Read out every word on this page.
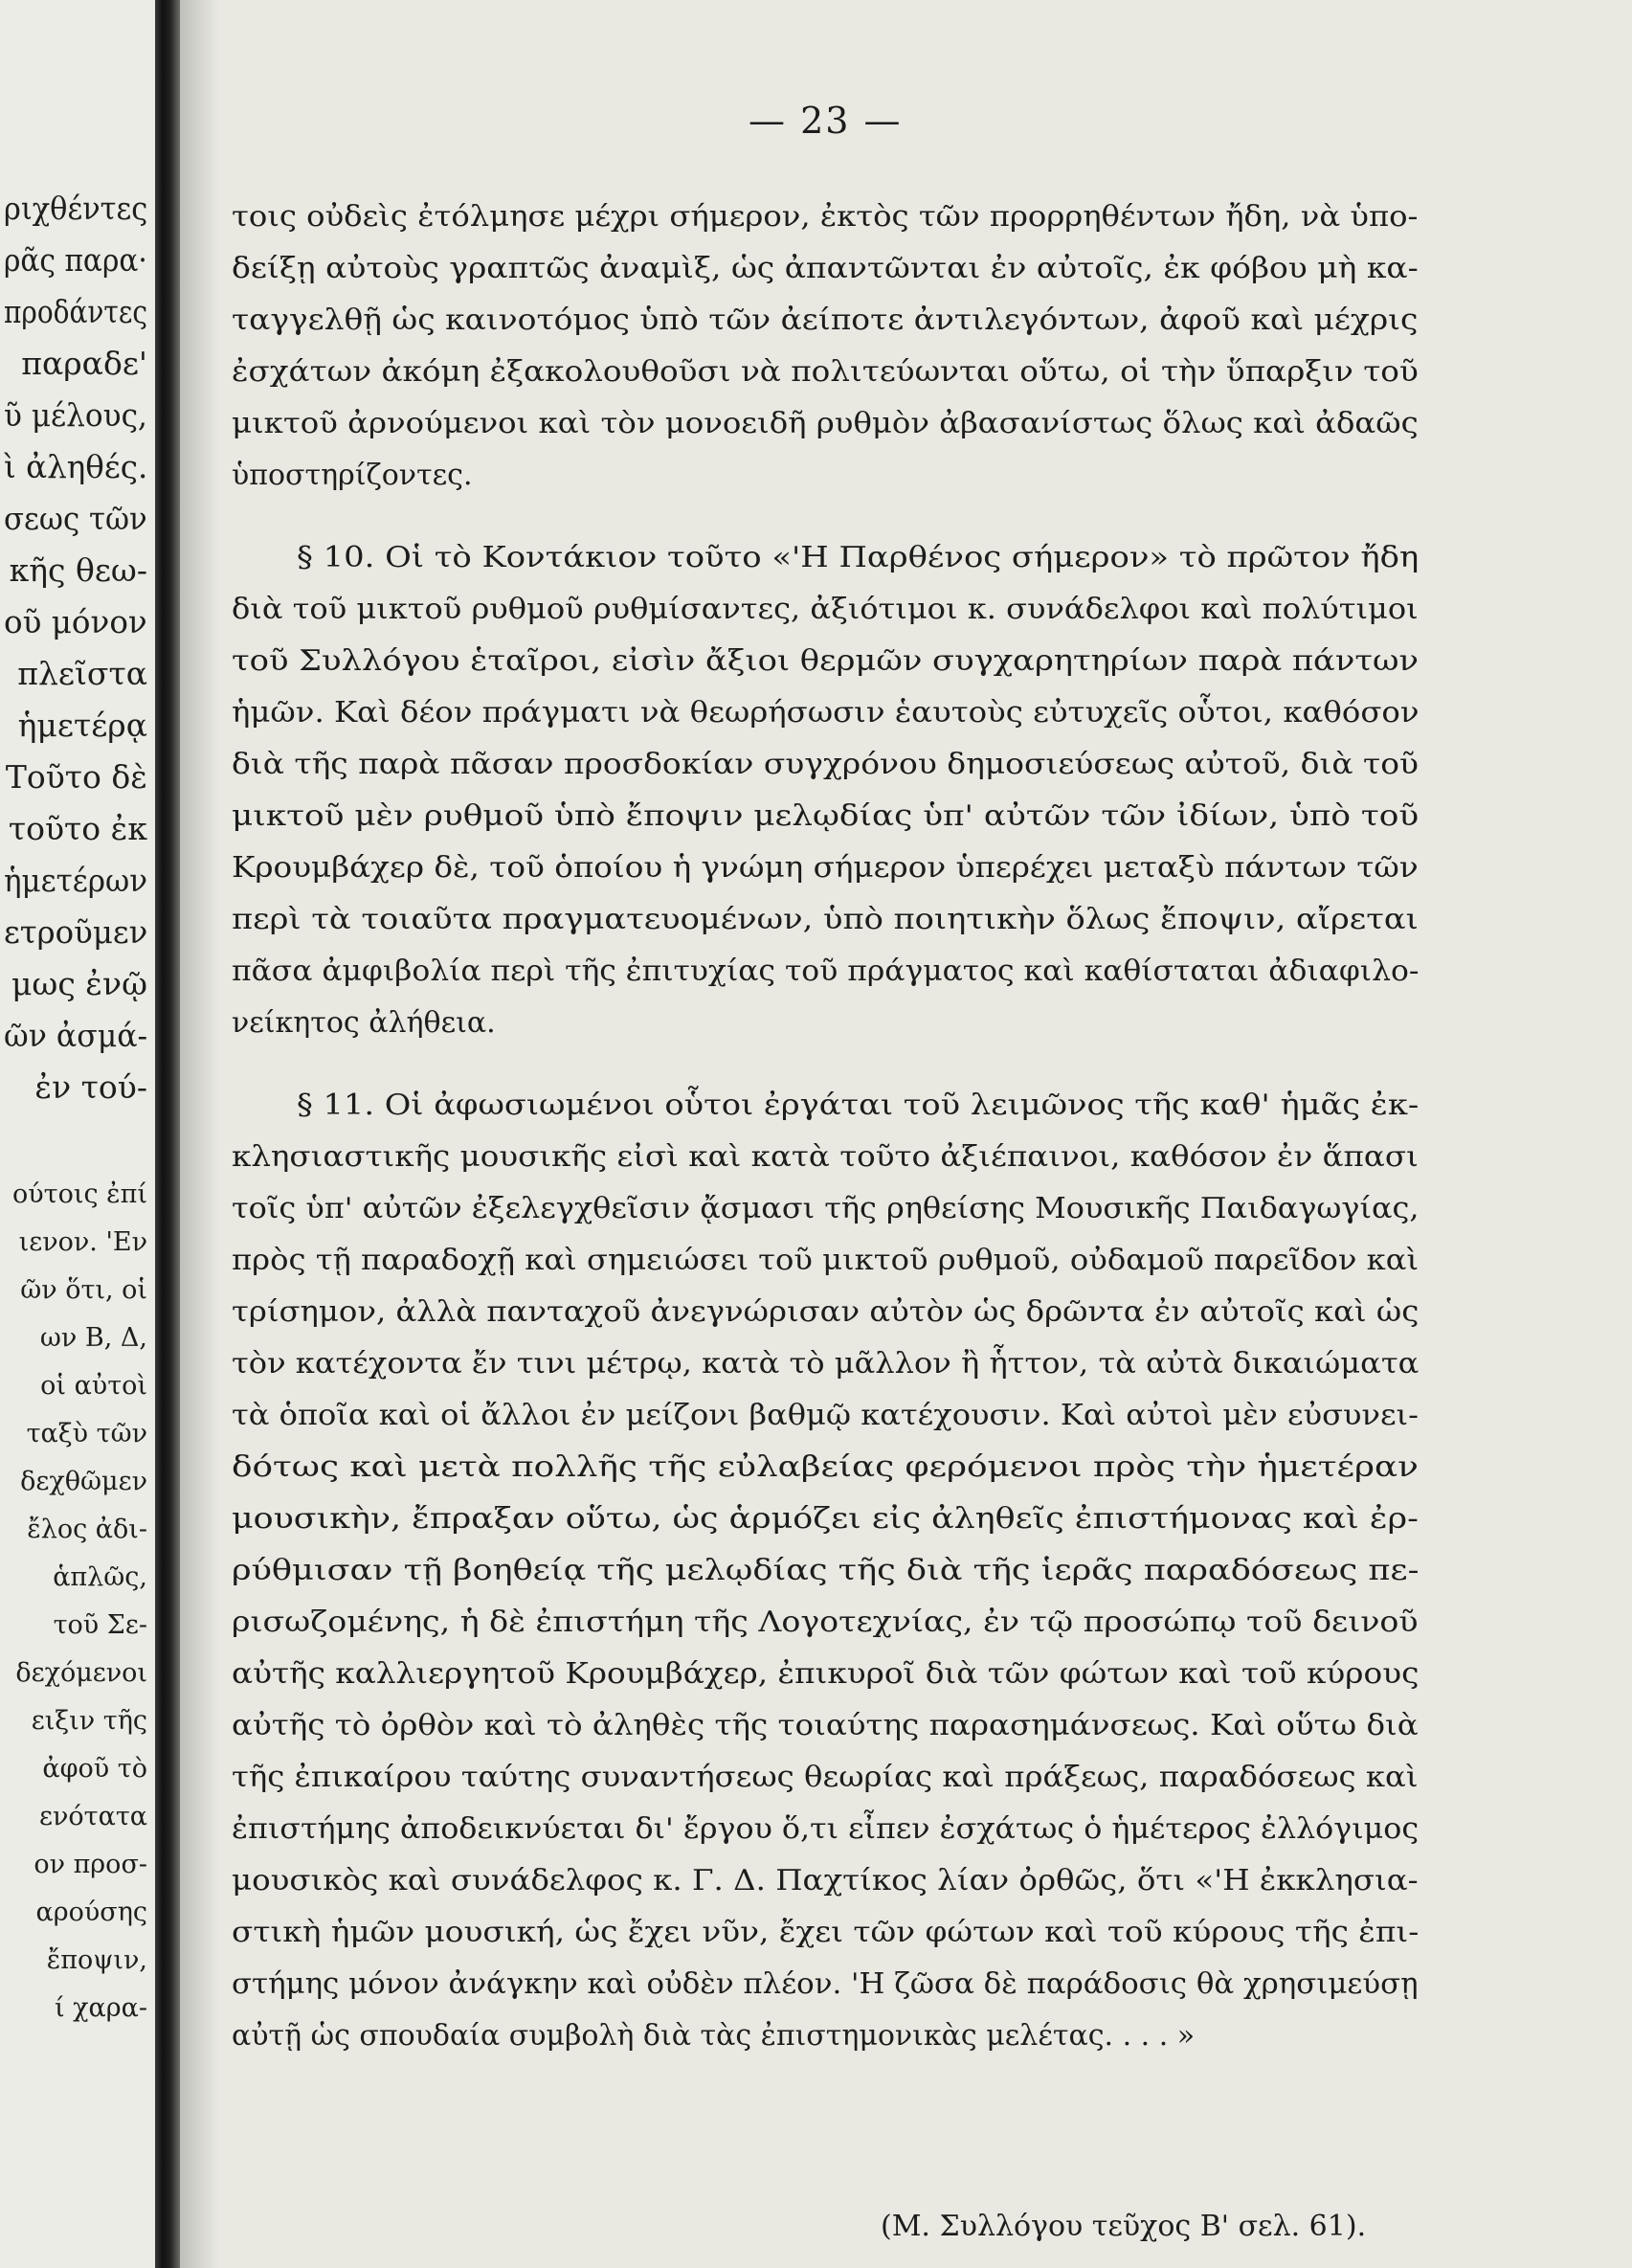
ριχθέντες
ρᾶς παρα·
προδάντες
παραδε'
ῦ μέλους,
ὶ ἀληθές.
σεως τῶν
κῆς θεω-
οῦ μόνον
πλεῖστα
ἡμετέρᾳ
Τοῦτο δὲ
τοῦτο ἐκ
ἡμετέρων
ετροῦμεν
μως ἐνῷ
ῶν ἀσμά-
ἐν τού-
ούτοις ἐπί
ιενον. 'Εν
ῶν ὅτι, οἱ
ων Β, Δ,
οἱ αὐτοὶ
ταξὺ τῶν
δεχθῶμεν
ἔλος ἀδι-
ἁπλῶς,
τοῦ Σε-
δεχόμενοι
ειξιν τῆς
ἀφοῦ τὸ
ενότατα
ον προσ-
αρούσης
ἔποψιν,
ί χαρα-
— 23 —
τοις οὐδεὶς ἐτόλμησε μέχρι σήμερον, ἐκτὸς τῶν προρρηθέντων ἤδη, νὰ ὑπο-
δείξῃ αὐτοὺς γραπτῶς ἀναμὶξ, ὡς ἀπαντῶνται ἐν αὐτοῖς, ἐκ φόβου μὴ κα-
ταγγελθῇ ὡς καινοτόμος ὑπὸ τῶν ἀείποτε ἀντιλεγόντων, ἀφοῦ καὶ μέχρις
ἐσχάτων ἀκόμη ἐξακολουθοῦσι νὰ πολιτεύωνται οὕτω, οἱ τὴν ὕπαρξιν τοῦ
μικτοῦ ἀρνούμενοι καὶ τὸν μονοειδῆ ρυθμὸν ἀβασανίστως ὅλως καὶ ἀδαῶς
ὑποστηρίζοντες.
§ 10. Οἱ τὸ Κοντάκιον τοῦτο «'Η Παρθένος σήμερον» τὸ πρῶτον ἤδη
διὰ τοῦ μικτοῦ ρυθμοῦ ρυθμίσαντες, ἀξιότιμοι κ. συνάδελφοι καὶ πολύτιμοι
τοῦ Συλλόγου ἑταῖροι, εἰσὶν ἄξιοι θερμῶν συγχαρητηρίων παρὰ πάντων
ἡμῶν. Καὶ δέον πράγματι νὰ θεωρήσωσιν ἑαυτοὺς εὐτυχεῖς οὗτοι, καθόσον
διὰ τῆς παρὰ πᾶσαν προσδοκίαν συγχρόνου δημοσιεύσεως αὐτοῦ, διὰ τοῦ
μικτοῦ μὲν ρυθμοῦ ὑπὸ ἔποψιν μελῳδίας ὑπ' αὐτῶν τῶν ἰδίων, ὑπὸ τοῦ
Κρουμβάχερ δὲ, τοῦ ὁποίου ἡ γνώμη σήμερον ὑπερέχει μεταξὺ πάντων τῶν
περὶ τὰ τοιαῦτα πραγματευομένων, ὑπὸ ποιητικὴν ὅλως ἔποψιν, αἴρεται
πᾶσα ἀμφιβολία περὶ τῆς ἐπιτυχίας τοῦ πράγματος καὶ καθίσταται ἀδιαφιλο-
νείκητος ἀλήθεια.
§ 11. Οἱ ἀφωσιωμένοι οὗτοι ἐργάται τοῦ λειμῶνος τῆς καθ' ἡμᾶς ἐκ-
κλησιαστικῆς μουσικῆς εἰσὶ καὶ κατὰ τοῦτο ἀξιέπαινοι, καθόσον ἐν ἅπασι
τοῖς ὑπ' αὐτῶν ἐξελεγχθεῖσιν ᾄσμασι τῆς ρηθείσης Μουσικῆς Παιδαγωγίας,
πρὸς τῇ παραδοχῇ καὶ σημειώσει τοῦ μικτοῦ ρυθμοῦ, οὐδαμοῦ παρεῖδον καὶ
τρίσημον, ἀλλὰ πανταχοῦ ἀνεγνώρισαν αὐτὸν ὡς δρῶντα ἐν αὐτοῖς καὶ ὡς
τὸν κατέχοντα ἔν τινι μέτρῳ, κατὰ τὸ μᾶλλον ἢ ἧττον, τὰ αὐτὰ δικαιώματα
τὰ ὁποῖα καὶ οἱ ἄλλοι ἐν μείζονι βαθμῷ κατέχουσιν. Καὶ αὐτοὶ μὲν εὐσυνει-
δότως καὶ μετὰ πολλῆς τῆς εὐλαβείας φερόμενοι πρὸς τὴν ἡμετέραν
μουσικὴν, ἔπραξαν οὕτω, ὡς ἁρμόζει εἰς ἀληθεῖς ἐπιστήμονας καὶ ἐρ-
ρύθμισαν τῇ βοηθείᾳ τῆς μελῳδίας τῆς διὰ τῆς ἱερᾶς παραδόσεως πε-
ρισωζομένης, ἡ δὲ ἐπιστήμη τῆς Λογοτεχνίας, ἐν τῷ προσώπῳ τοῦ δεινοῦ
αὐτῆς καλλιεργητοῦ Κρουμβάχερ, ἐπικυροῖ διὰ τῶν φώτων καὶ τοῦ κύρους
αὐτῆς τὸ ὀρθὸν καὶ τὸ ἀληθὲς τῆς τοιαύτης παρασημάνσεως. Καὶ οὕτω διὰ
τῆς ἐπικαίρου ταύτης συναντήσεως θεωρίας καὶ πράξεως, παραδόσεως καὶ
ἐπιστήμης ἀποδεικνύεται δι' ἔργου ὅ,τι εἶπεν ἐσχάτως ὁ ἡμέτερος ἐλλόγιμος
μουσικὸς καὶ συνάδελφος κ. Γ. Δ. Παχτίκος λίαν ὀρθῶς, ὅτι «'Η ἐκκλησια-
στικὴ ἡμῶν μουσική, ὡς ἔχει νῦν, ἔχει τῶν φώτων καὶ τοῦ κύρους τῆς ἐπι-
στήμης μόνον ἀνάγκην καὶ οὐδὲν πλέον. 'Η ζῶσα δὲ παράδοσις θὰ χρησιμεύσῃ
αὐτῇ ὡς σπουδαία συμβολὴ διὰ τὰς ἐπιστημονικὰς μελέτας. . . . »
(Μ. Συλλόγου τεῦχος Β' σελ. 61).
